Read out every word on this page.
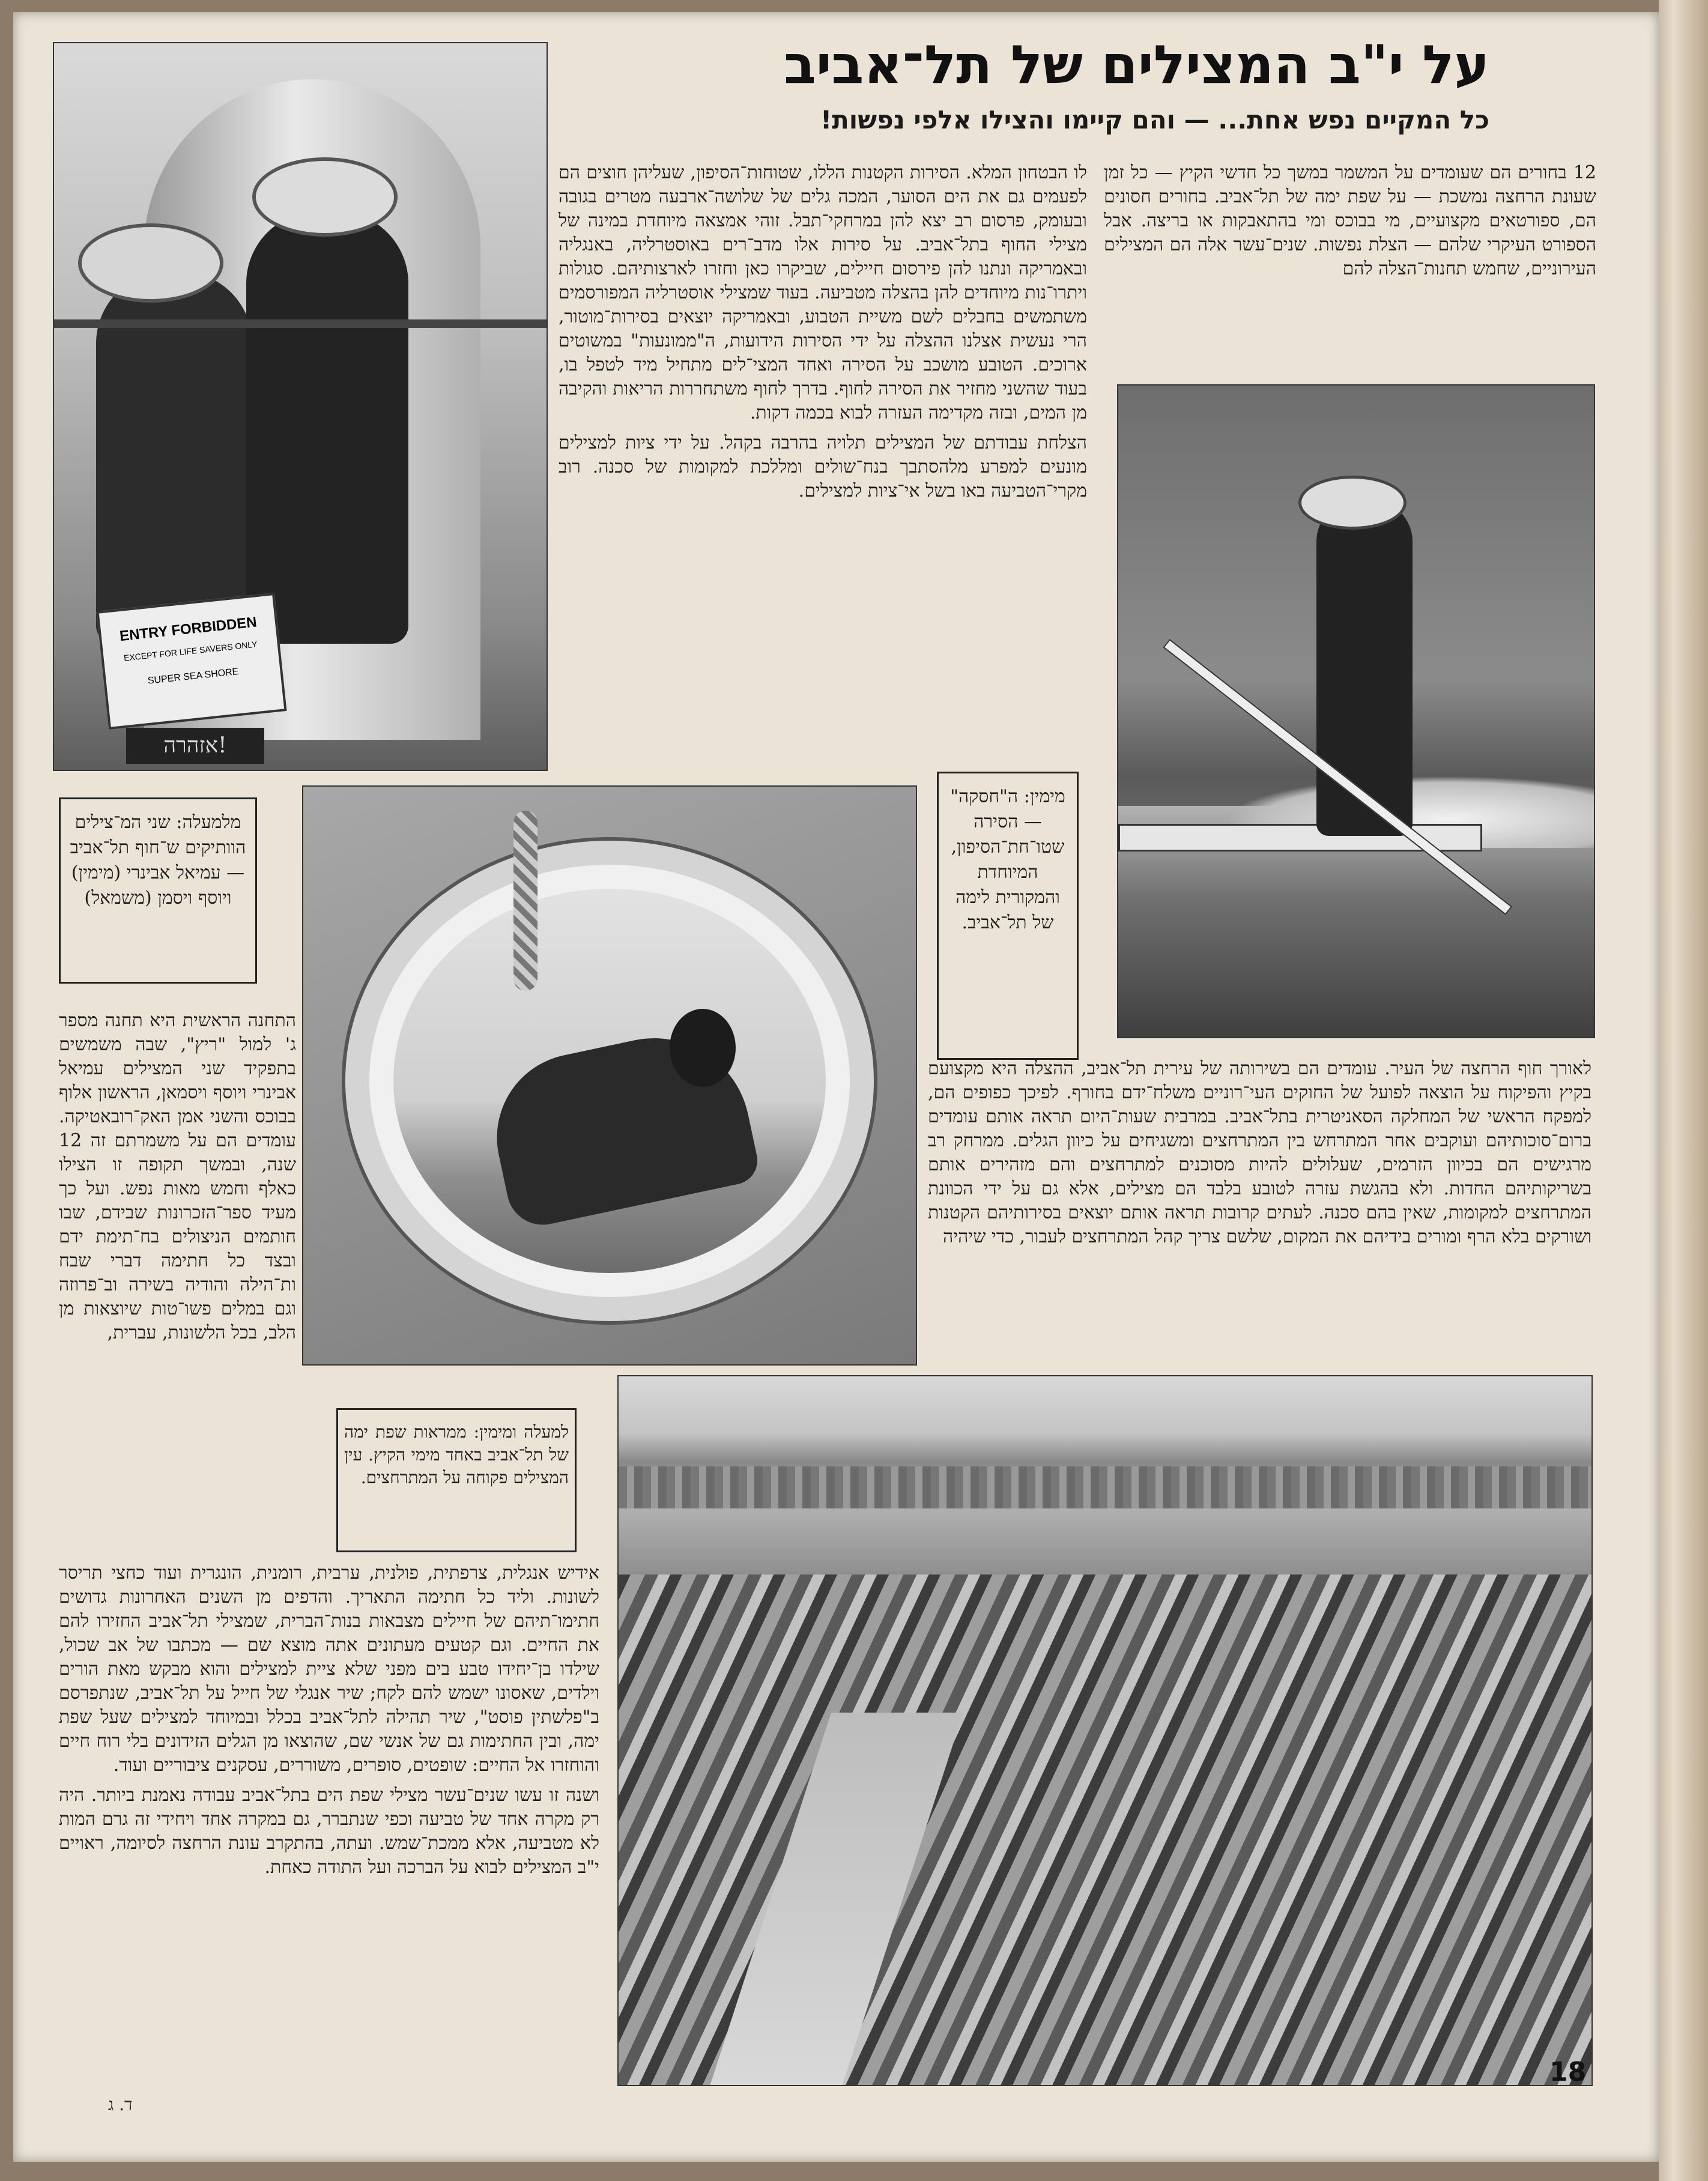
ENTRY FORBIDDEN
EXCEPT FOR LIFE SAVERS ONLY
SUPER SEA SHORE
אזהרה!
על י"ב המצילים של תל־אביב
כל המקיים נפש אחת... — והם קיימו והצילו אלפי נפשות!

12 בחורים הם שעומדים על המשמר במשך כל חדשי הקיץ — כל זמן שעונת הרחצה נמשכת — על שפת ימה של תל־אביב. בחורים חסונים הם, ספורטאים מקצועיים, מי בבוכס ומי בהתאבקות או בריצה. אבל הספורט העיקרי שלהם — הצלת נפשות. שנים־עשר אלה הם המצילים העירוניים, שחמש תחנות־הצלה להם

לו הבטחון המלא. הסירות הקטנות הללו, שטוחות־הסיפון, שעליהן חוצים הם לפעמים גם את הים הסוער, המכה גלים של שלושה־ארבעה מטרים בגובה ובעומק, פרסום רב יצא להן במרחקי־תבל. זוהי אמצאה מיוחדת במינה של מצילי החוף בתל־אביב. על סירות אלו מדב־רים באוסטרליה, באנגליה ובאמריקה ונתנו להן פירסום חיילים, שביקרו כאן וחזרו לארצותיהם. סגולות ויתרו־נות מיוחדים להן בהצלה מטביעה. בעוד שמצילי אוסטרליה המפורסמים משתמשים בחבלים לשם משיית הטבוע, ובאמריקה יוצאים בסירות־מוטור, הרי נעשית אצלנו ההצלה על ידי הסירות הידועות, ה"ממונעות" במשוטים ארוכים. הטובע מושכב על הסירה ואחד המצי־לים מתחיל מיד לטפל בו, בעוד שהשני מחזיר את הסירה לחוף. בדרך לחוף משתחררות הריאות והקיבה מן המים, ובזה מקדימה העזרה לבוא בכמה דקות.

הצלחת עבודתם של המצילים תלויה בהרבה בקהל. על ידי ציות למצילים מונעים למפרע מלהסתבך בנח־שולים ומללכת למקומות של סכנה. רוב מקרי־הטביעה באו בשל אי־ציות למצילים.

מלמעלה: שני המ־צילים הוותיקים ש־חוף תל־אביב — עמיאל אבינרי (מימין) ויוסף ויסמן (משמאל)
מימין: ה"חסקה" — הסירה שטו־חת־הסיפון, המיוחדת והמקורית לימה של תל־אביב.

לאורך חוף הרחצה של העיר. עומדים הם בשירותה של עירית תל־אביב, ההצלה היא מקצועם בקיץ והפיקוח על הוצאה לפועל של החוקים העי־רוניים משלח־ידם בחורף. לפיכך כפופים הם, למפקח הראשי של המחלקה הסאניטרית בתל־אביב. במרבית שעות־היום תראה אותם עומדים ברום־סוכותיהם ועוקבים אחר המתרחש בין המתרחצים ומשגיחים על כיוון הגלים. ממרחק רב מרגישים הם בכיוון הזרמים, שעלולים להיות מסוכנים למתרחצים והם מזהירים אותם בשריקותיהם החדות. ולא בהגשת עזרה לטובע בלבד הם מצילים, אלא גם על ידי הכוונת המתרחצים למקומות, שאין בהם סכנה. לעתים קרובות תראה אותם יוצאים בסירותיהם הקטנות ושורקים בלא הרף ומורים בידיהם את המקום, שלשם צריך קהל המתרחצים לעבור, כדי שיהיה

התחנה הראשית היא תחנה מספר ג' למול "ריץ", שבה משמשים בתפקיד שני המצילים עמיאל אבינרי ויוסף ויסמאן, הראשון אלוף בבוכס והשני אמן האק־רובאטיקה. עומדים הם על משמרתם זה 12 שנה, ובמשך תקופה זו הצילו כאלף וחמש מאות נפש. ועל כך מעיד ספר־הזכרונות שבידם, שבו חותמים הניצולים בח־תימת ידם ובצד כל חתימה דברי שבח ות־הילה והודיה בשירה וב־פרוזה וגם במלים פשו־טות שיוצאות מן הלב, בכל הלשונות, עברית,

למעלה ומימין: ממראות שפת ימה של תל־אביב באחד מימי הקיץ. עין המצילים פקוחה על המתרחצים.

אידיש אנגלית, צרפתית, פולנית, ערבית, רומנית, הונגרית ועוד כחצי תריסר לשונות. וליד כל חתימה התאריך. והדפים מן השנים האחרונות גדושים חתימו־תיהם של חיילים מצבאות בנות־הברית, שמצילי תל־אביב החזירו להם את החיים. וגם קטעים מעתונים אתה מוצא שם — מכתבו של אב שכול, שילדו בן־יחידו טבע בים מפני שלא ציית למצילים והוא מבקש מאת הורים וילדים, שאסונו ישמש להם לקח; שיר אנגלי של חייל על תל־אביב, שנתפרסם ב"פלשתין פוסט", שיר תהילה לתל־אביב בכלל ובמיוחד למצילים שעל שפת ימה, ובין החתימות גם של אנשי שם, שהוצאו מן הגלים הזידונים בלי רוח חיים והוחזרו אל החיים: שופטים, סופרים, משוררים, עסקנים ציבוריים ועוד.

ושנה זו עשו שנים־עשר מצילי שפת הים בתל־אביב עבודה נאמנת ביותר. היה רק מקרה אחד של טביעה וכפי שנתברר, גם במקרה אחד ויחידי זה גרם המות לא מטביעה, אלא ממכת־שמש. ועתה, בהתקרב עונת הרחצה לסיומה, ראויים י"ב המצילים לבוא על הברכה ועל התודה כאחת.

18
ד. ג
